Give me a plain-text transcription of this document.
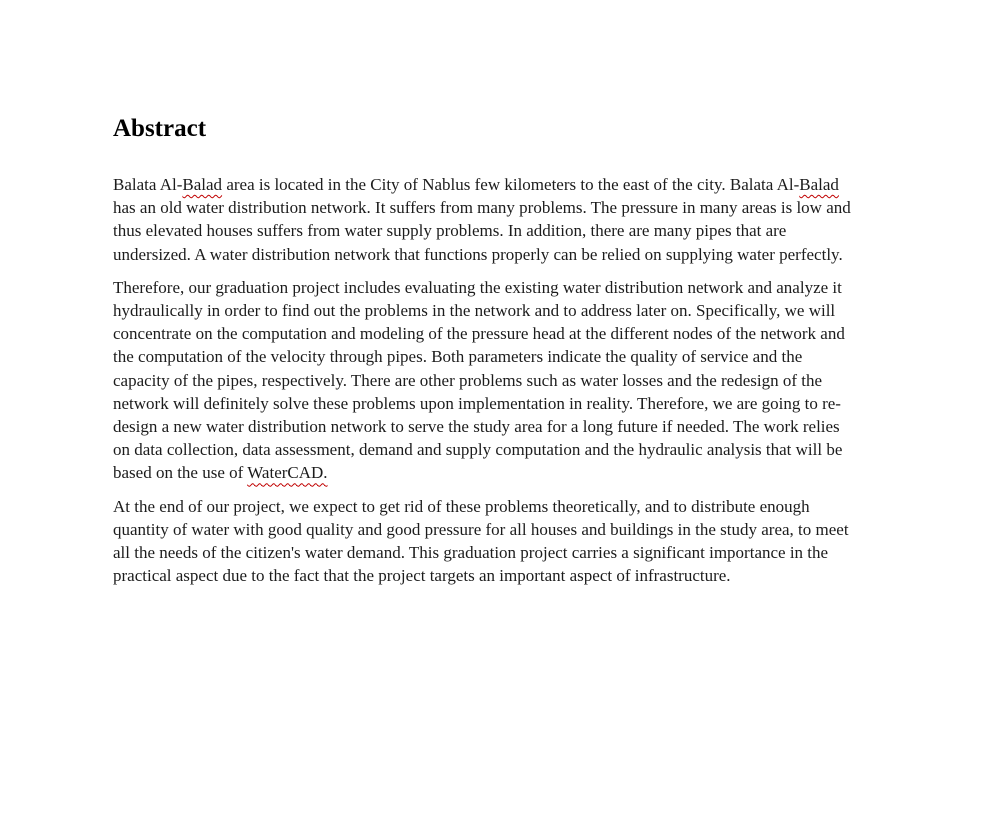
Abstract

Balata Al-Balad area is located in the City of Nablus few kilometers to the east of the city. Balata Al-Balad has an old water distribution network. It suffers from many problems. The pressure in many areas is low and thus elevated houses suffers from water supply problems. In addition, there are many pipes that are undersized. A water distribution network that functions properly can be relied on supplying water perfectly.

Therefore, our graduation project includes evaluating the existing water distribution network and analyze it hydraulically in order to find out the problems in the network and to address later on. Specifically, we will concentrate on the computation and modeling of the pressure head at the different nodes of the network and the computation of the velocity through pipes. Both parameters indicate the quality of service and the capacity of the pipes, respectively. There are other problems such as water losses and the redesign of the network will definitely solve these problems upon implementation in reality. Therefore, we are going to re-design a new water distribution network to serve the study area for a long future if needed. The work relies on data collection, data assessment, demand and supply computation and the hydraulic analysis that will be based on the use of WaterCAD.

At the end of our project, we expect to get rid of these problems theoretically, and to distribute enough quantity of water with good quality and good pressure for all houses and buildings in the study area, to meet all the needs of the citizen's water demand. This graduation project carries a significant importance in the practical aspect due to the fact that the project targets an important aspect of infrastructure.
